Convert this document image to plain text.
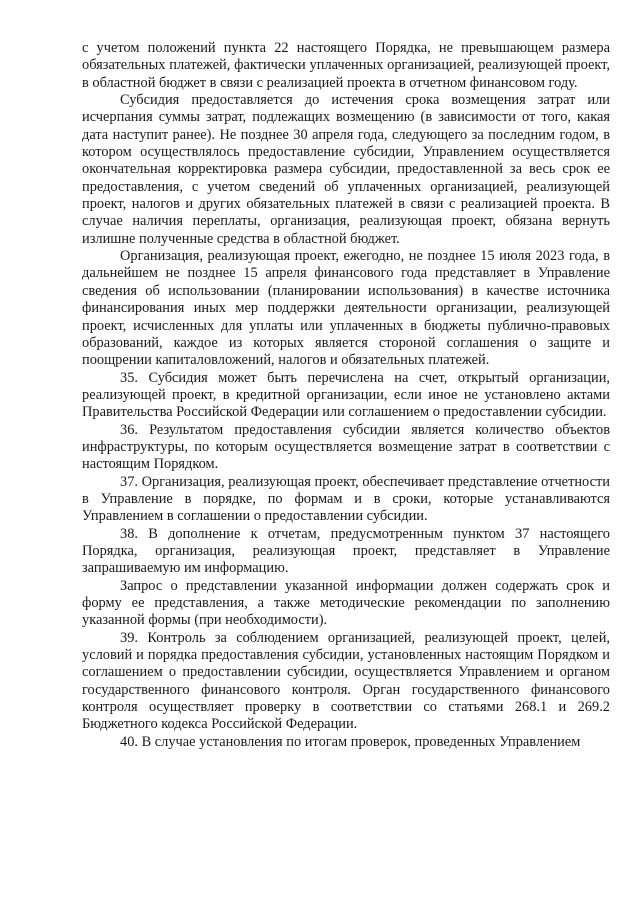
с учетом положений пункта 22 настоящего Порядка, не превышающем размера обязательных платежей, фактически уплаченных организацией, реализующей проект, в областной бюджет в связи с реализацией проекта в отчетном финансовом году.

Субсидия предоставляется до истечения срока возмещения затрат или исчерпания суммы затрат, подлежащих возмещению (в зависимости от того, какая дата наступит ранее). Не позднее 30 апреля года, следующего за последним годом, в котором осуществлялось предоставление субсидии, Управлением осуществляется окончательная корректировка размера субсидии, предоставленной за весь срок ее предоставления, с учетом сведений об уплаченных организацией, реализующей проект, налогов и других обязательных платежей в связи с реализацией проекта. В случае наличия переплаты, организация, реализующая проект, обязана вернуть излишне полученные средства в областной бюджет.

Организация, реализующая проект, ежегодно, не позднее 15 июля 2023 года, в дальнейшем не позднее 15 апреля финансового года представляет в Управление сведения об использовании (планировании использования) в качестве источника финансирования иных мер поддержки деятельности организации, реализующей проект, исчисленных для уплаты или уплаченных в бюджеты публично-правовых образований, каждое из которых является стороной соглашения о защите и поощрении капиталовложений, налогов и обязательных платежей.

35. Субсидия может быть перечислена на счет, открытый организации, реализующей проект, в кредитной организации, если иное не установлено актами Правительства Российской Федерации или соглашением о предоставлении субсидии.

36. Результатом предоставления субсидии является количество объектов инфраструктуры, по которым осуществляется возмещение затрат в соответствии с настоящим Порядком.

37. Организация, реализующая проект, обеспечивает представление отчетности в Управление в порядке, по формам и в сроки, которые устанавливаются Управлением в соглашении о предоставлении субсидии.

38. В дополнение к отчетам, предусмотренным пунктом 37 настоящего Порядка, организация, реализующая проект, представляет в Управление запрашиваемую им информацию.

Запрос о представлении указанной информации должен содержать срок и форму ее представления, а также методические рекомендации по заполнению указанной формы (при необходимости).

39. Контроль за соблюдением организацией, реализующей проект, целей, условий и порядка предоставления субсидии, установленных настоящим Порядком и соглашением о предоставлении субсидии, осуществляется Управлением и органом государственного финансового контроля. Орган государственного финансового контроля осуществляет проверку в соответствии со статьями 268.1 и 269.2 Бюджетного кодекса Российской Федерации.

40. В случае установления по итогам проверок, проведенных Управлением
